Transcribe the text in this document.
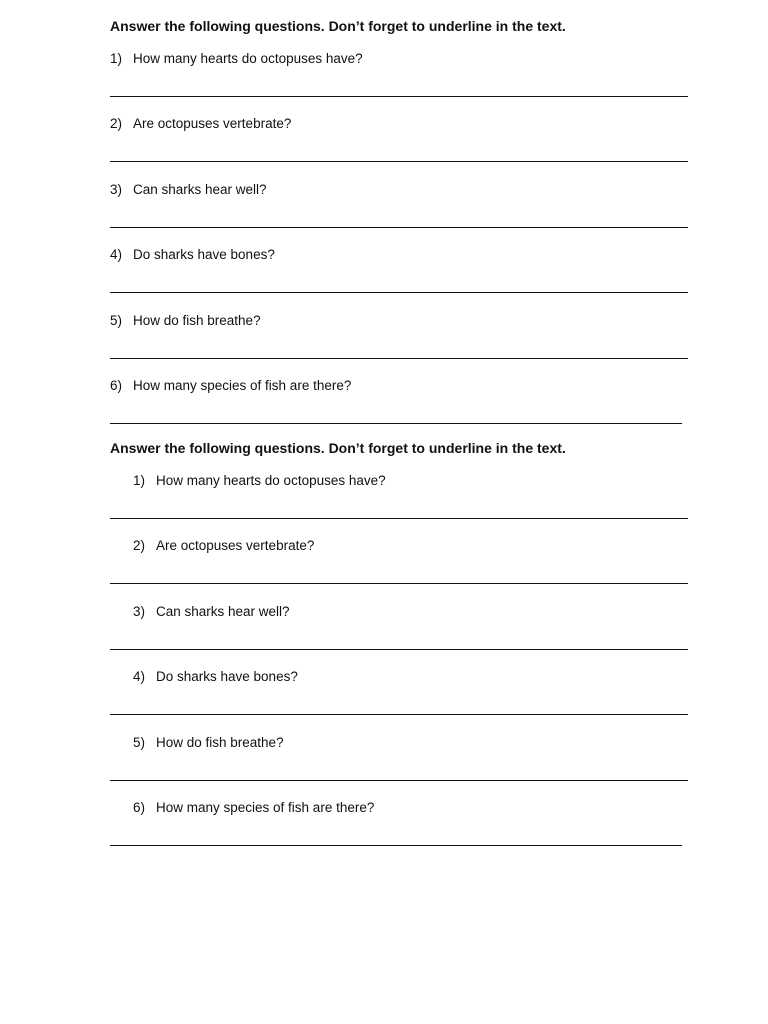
Answer the following questions. Don’t forget to underline in the text.

1) How many hearts do octopuses have?
2) Are octopuses vertebrate?
3) Can sharks hear well?
4) Do sharks have bones?
5) How do fish breathe?
6) How many species of fish are there?

Answer the following questions. Don’t forget to underline in the text.

1) How many hearts do octopuses have?
2) Are octopuses vertebrate?
3) Can sharks hear well?
4) Do sharks have bones?
5) How do fish breathe?
6) How many species of fish are there?
